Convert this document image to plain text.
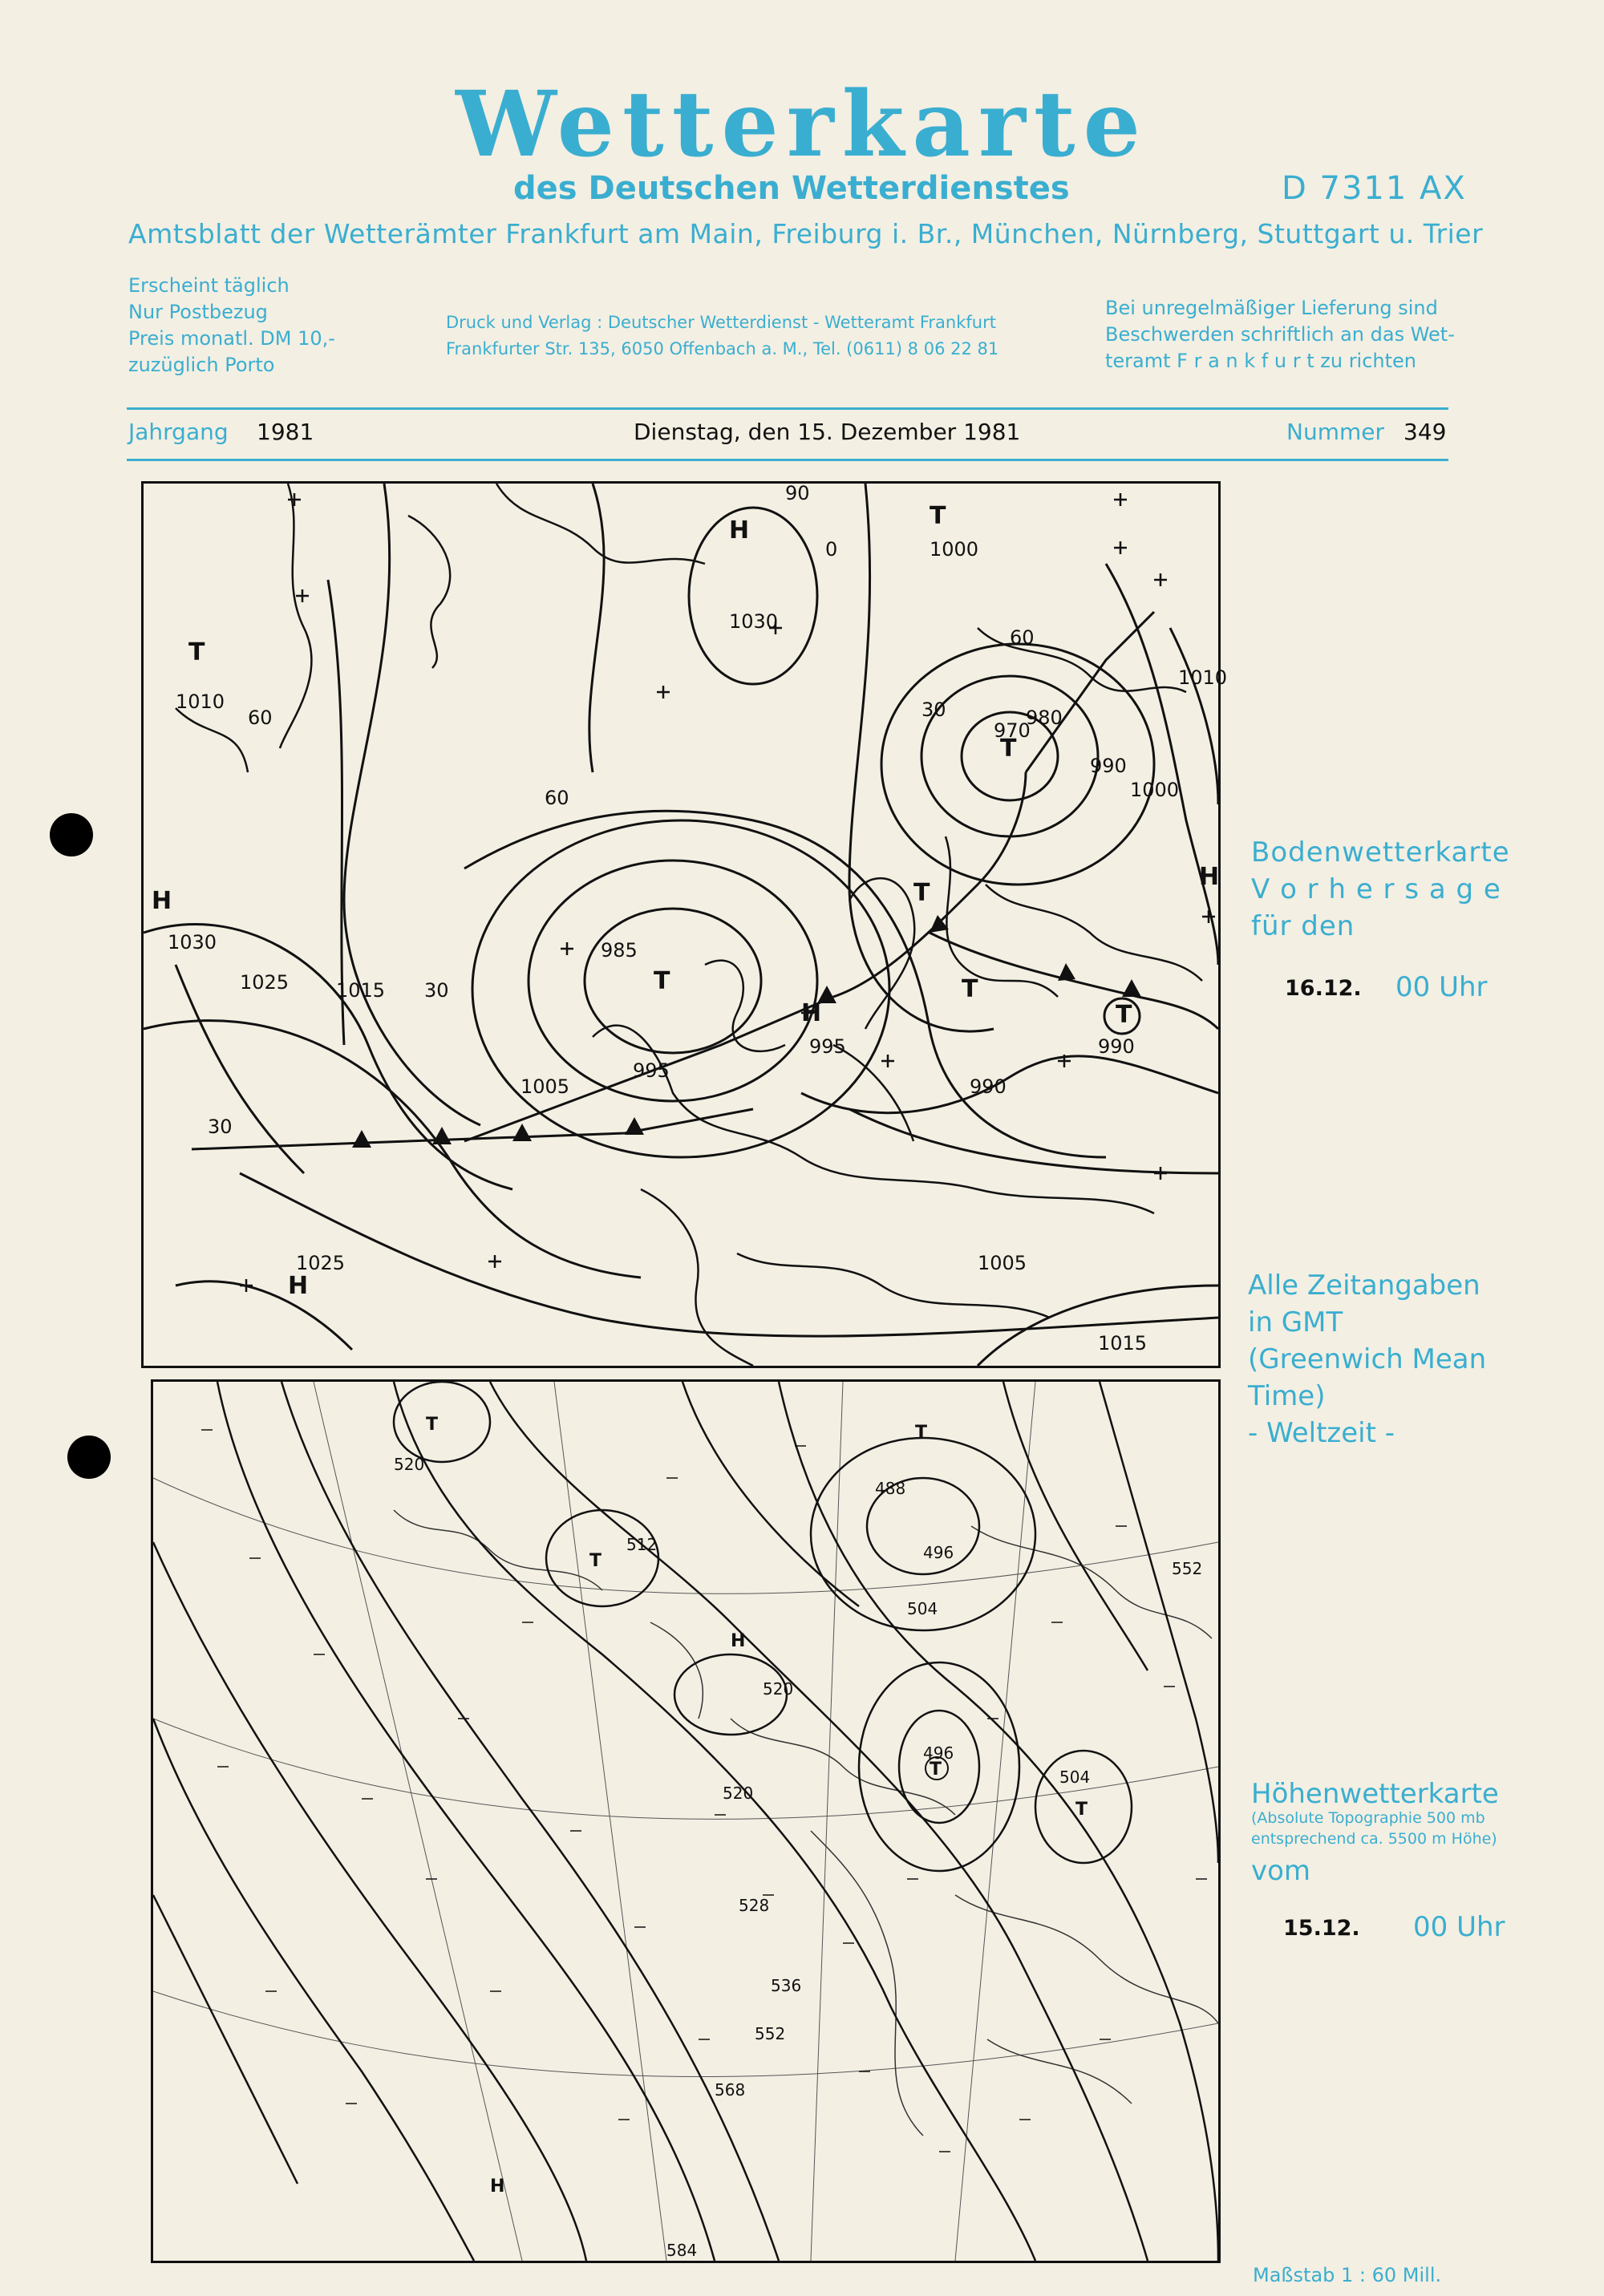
Wetterkarte
des Deutschen Wetterdienstes	D 7311 AX
Amtsblatt der Wetterämter Frankfurt am Main, Freiburg i. Br., München, Nürnberg, Stuttgart u. Trier
Erscheint täglich
Nur Postbezug
Preis monatl. DM 10,-
zuzüglich Porto
Druck und Verlag : Deutscher Wetterdienst - Wetteramt Frankfurt
Frankfurter Str. 135, 6050 Offenbach a. M., Tel. (0611) 8 06 22 81
Bei unregelmäßiger Lieferung sind
Beschwerden schriftlich an das Wet-
teramt F r a n k f u r t zu richten
Jahrgang 1981	Dienstag, den 15. Dezember 1981	Nummer 349
H
H
H
H
H
T
T
T	T
T
T
T
1010
1030
1025 1015
1005
995
995
985
990
990
1030
1000
980
970
990
1000
1010
1025	1005
1015
30
30
30
60
60
60
90
0
Bodenwetterkarte
V o r h e r s a g e
für den
16.12. 00 Uhr
Alle Zeitangaben
in GMT
(Greenwich Mean
Time)
- Weltzeit -
H
H
T
T
T
T
T
520
512
520
488
496
504
552
504
520
528
536
552
568
584
496
Höhenwetterkarte
(Absolute Topographie 500 mb
entsprechend ca. 5500 m Höhe)
vom
15.12. 00 Uhr
Maßstab 1 : 60 Mill.
